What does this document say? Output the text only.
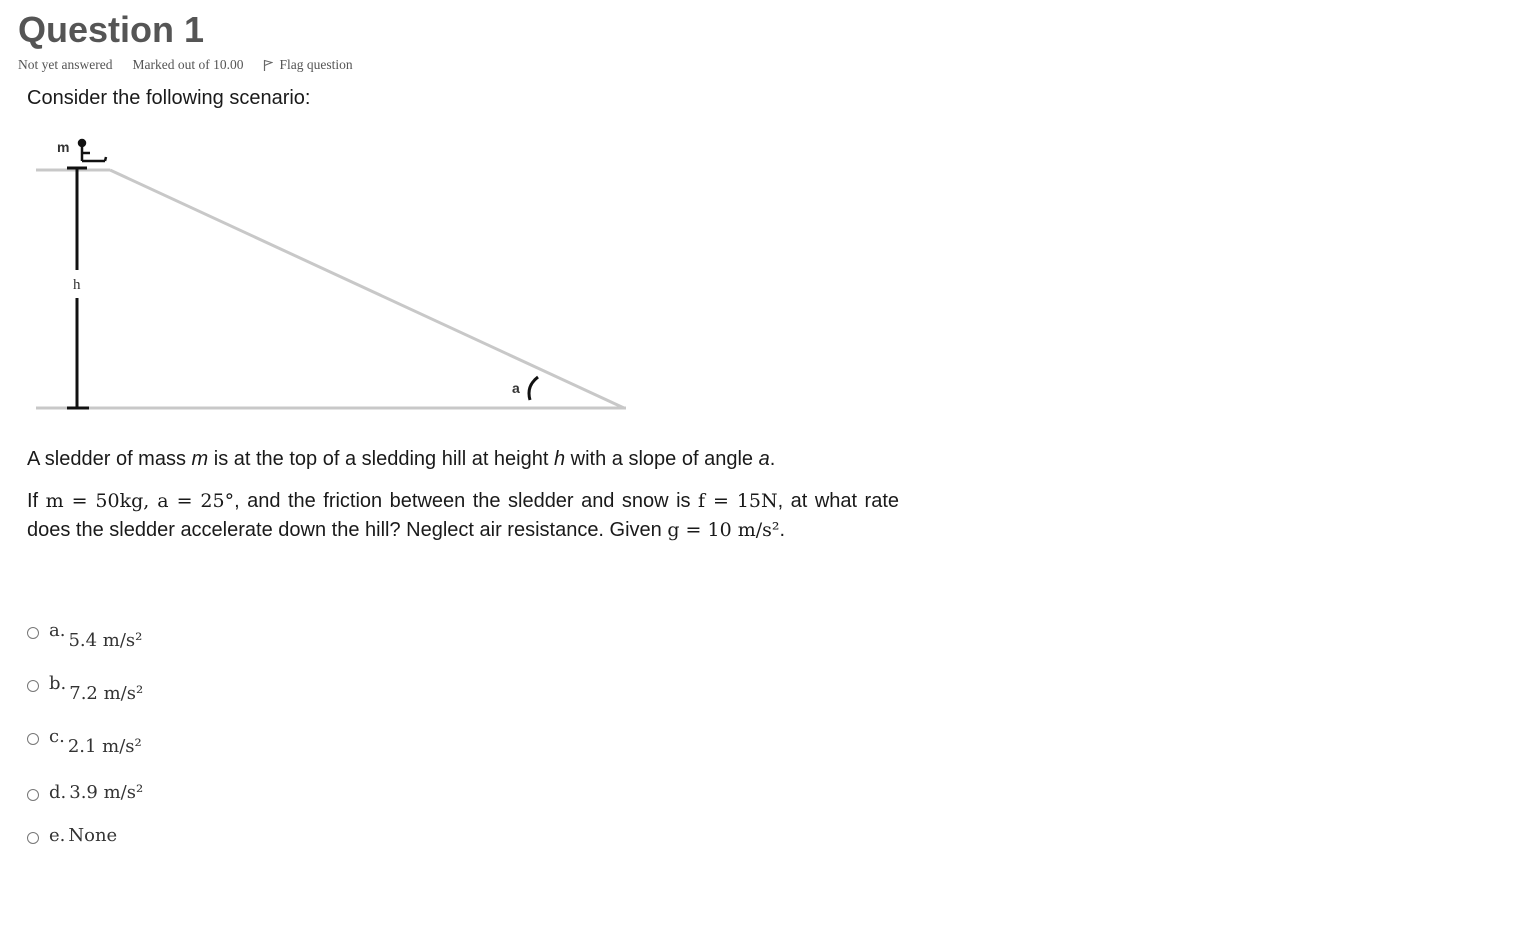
Question 1
Not yet answered Marked out of 10.00	Flag question

Consider the following scenario:

m
h
a

A sledder of mass m is at the top of a sledding hill at height h with a slope of angle a.

If m = 50kg, a = 25°, and the friction between the sledder and snow is f = 15N, at what rate does the sledder accelerate down the hill? Neglect air resistance. Given g = 10 m/s².

a. 5.4 m/s²
b. 7.2 m/s²
c. 2.1 m/s²
d. 3.9 m/s²
e. None
